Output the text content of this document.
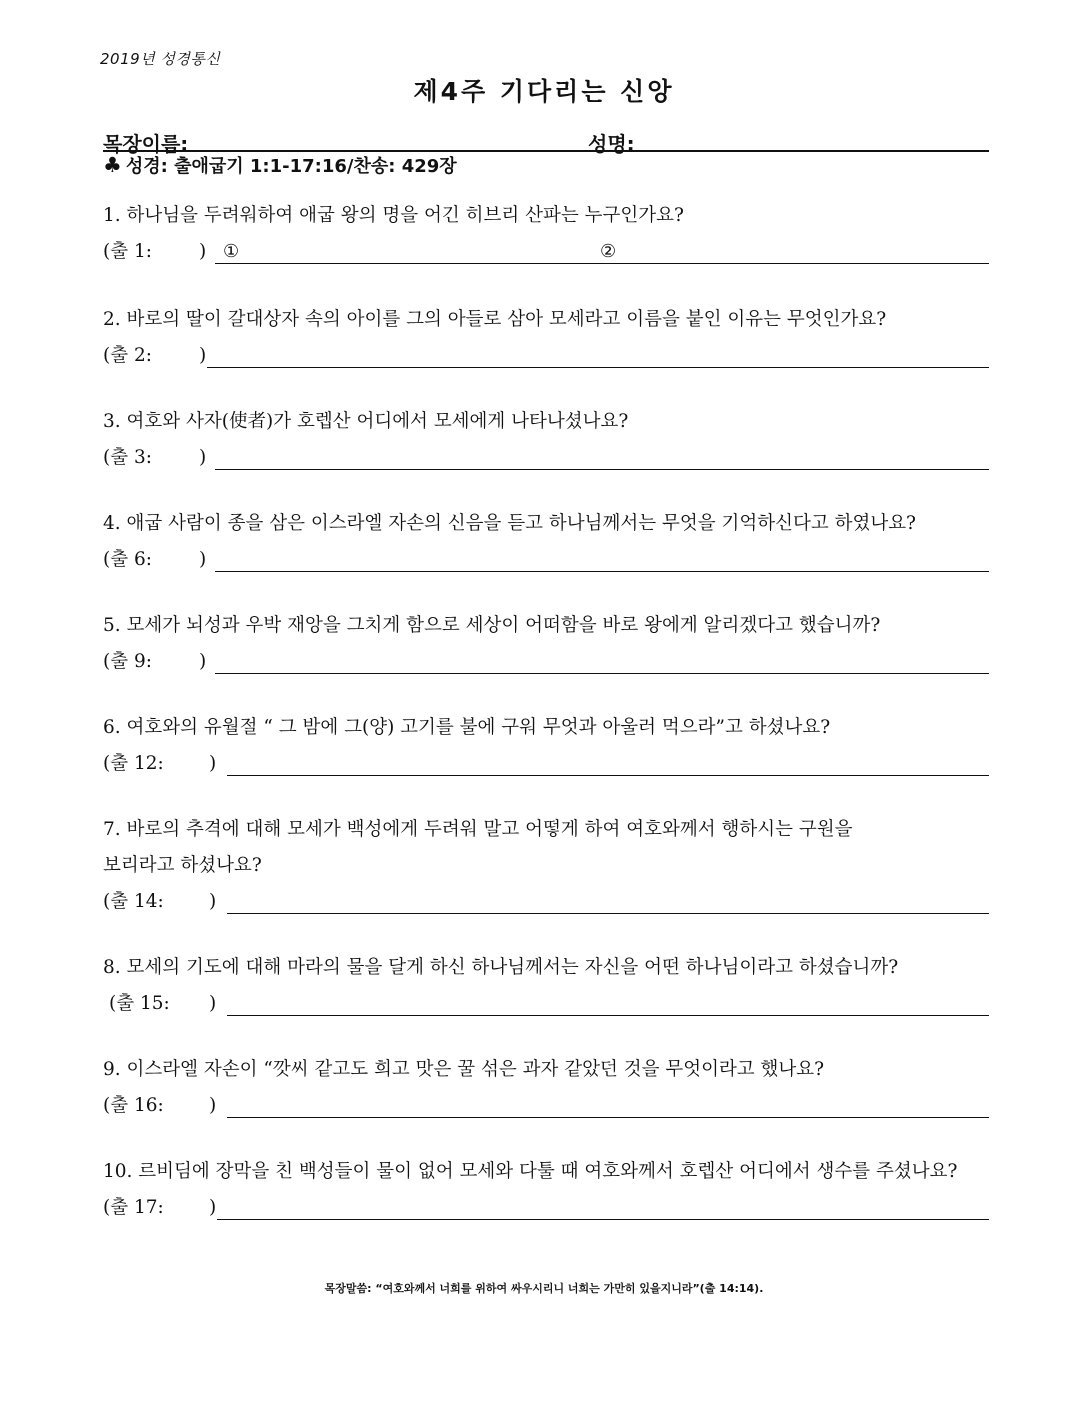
2019년 성경통신
제4주 기다리는 신앙
목장이름:	성명:
♣ 성경: 출애굽기 1:1-17:16/찬송: 429장
1. 하나님을 두려워하여 애굽 왕의 명을 어긴 히브리 산파는 누구인가요?
(출 1:	) ①	②
2. 바로의 딸이 갈대상자 속의 아이를 그의 아들로 삼아 모세라고 이름을 붙인 이유는 무엇인가요?
(출 2:	)
3. 여호와 사자(使者)가 호렙산 어디에서 모세에게 나타나셨나요?
(출 3:	)
4. 애굽 사람이 종을 삼은 이스라엘 자손의 신음을 듣고 하나님께서는 무엇을 기억하신다고 하였나요?
(출 6:	)
5. 모세가 뇌성과 우박 재앙을 그치게 함으로 세상이 어떠함을 바로 왕에게 알리겠다고 했습니까?
(출 9:	)
6. 여호와의 유월절 “ 그 밤에 그(양) 고기를 불에 구워 무엇과 아울러 먹으라”고 하셨나요?
(출 12: )
7. 바로의 추격에 대해 모세가 백성에게 두려워 말고 어떻게 하여 여호와께서 행하시는 구원을
보리라고 하셨나요?
(출 14: )
8. 모세의 기도에 대해 마라의 물을 달게 하신 하나님께서는 자신을 어떤 하나님이라고 하셨습니까?
(출 15: )
9. 이스라엘 자손이 “깟씨 같고도 희고 맛은 꿀 섞은 과자 같았던 것을 무엇이라고 했나요?
(출 16: )
10. 르비딤에 장막을 친 백성들이 물이 없어 모세와 다툴 때 여호와께서 호렙산 어디에서 생수를 주셨나요?
(출 17: )
목장말씀: “여호와께서 너희를 위하여 싸우시리니 너희는 가만히 있을지니라”(출 14:14).
